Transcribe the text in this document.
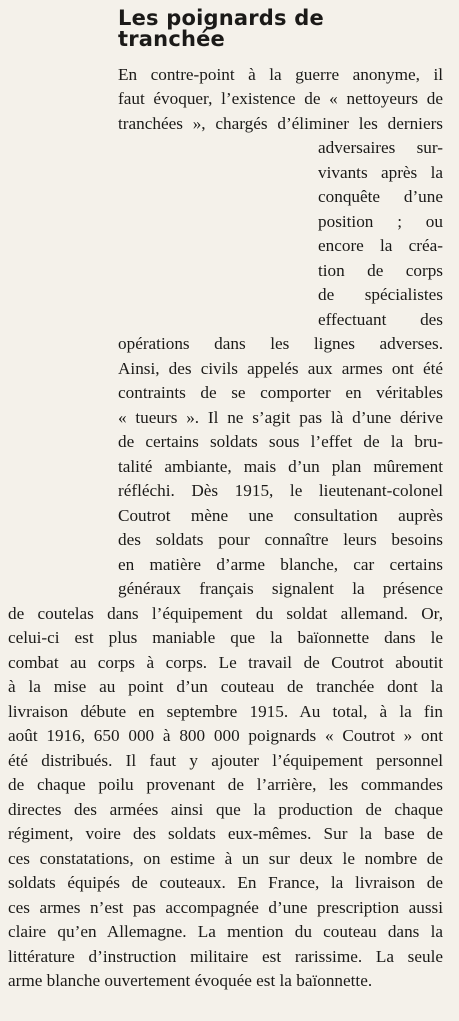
Les poignards de
tranchée
En contre-point à la guerre anonyme, il
faut évoquer, l’existence de « nettoyeurs de
tranchées », chargés d’éliminer les derniers
adversaires sur-
vivants après la
conquête d’une
position ; ou
encore la créa-
tion de corps
de spécialistes
effectuant des
opérations dans les lignes adverses.
Ainsi, des civils appelés aux armes ont été
contraints de se comporter en véritables
« tueurs ». Il ne s’agit pas là d’une dérive
de certains soldats sous l’effet de la bru-
talité ambiante, mais d’un plan mûrement
réfléchi. Dès 1915, le lieutenant-colonel
Coutrot mène une consultation auprès
des soldats pour connaître leurs besoins
en matière d’arme blanche, car certains
généraux français signalent la présence
de coutelas dans l’équipement du soldat allemand. Or,
celui-ci est plus maniable que la baïonnette dans le
combat au corps à corps. Le travail de Coutrot aboutit
à la mise au point d’un couteau de tranchée dont la
livraison débute en septembre 1915. Au total, à la fin
août 1916, 650 000 à 800 000 poignards « Coutrot » ont
été distribués. Il faut y ajouter l’équipement personnel
de chaque poilu provenant de l’arrière, les commandes
directes des armées ainsi que la production de chaque
régiment, voire des soldats eux-mêmes. Sur la base de
ces constatations, on estime à un sur deux le nombre de
soldats équipés de couteaux. En France, la livraison de
ces armes n’est pas accompagnée d’une prescription aussi
claire qu’en Allemagne. La mention du couteau dans la
littérature d’instruction militaire est rarissime. La seule
arme blanche ouvertement évoquée est la baïonnette.
